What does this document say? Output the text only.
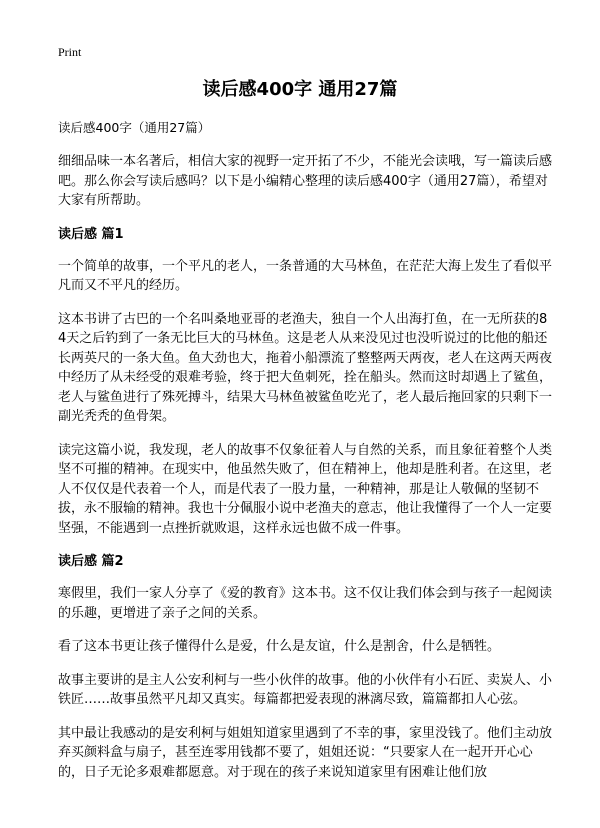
Print
读后感400字 通用27篇

读后感400字（通用27篇）

细细品味一本名著后，相信大家的视野一定开拓了不少，不能光会读哦，写一篇读后感吧。那么你会写读后感吗？以下是小编精心整理的读后感400字（通用27篇），希望对大家有所帮助。

读后感 篇1

一个简单的故事，一个平凡的老人，一条普通的大马林鱼，在茫茫大海上发生了看似平凡而又不平凡的经历。

这本书讲了古巴的一个名叫桑地亚哥的老渔夫，独自一个人出海打鱼，在一无所获的84天之后钓到了一条无比巨大的马林鱼。这是老人从来没见过也没听说过的比他的船还长两英尺的一条大鱼。鱼大劲也大，拖着小船漂流了整整两天两夜，老人在这两天两夜中经历了从未经受的艰难考验，终于把大鱼刺死，拴在船头。然而这时却遇上了鲨鱼，老人与鲨鱼进行了殊死搏斗，结果大马林鱼被鲨鱼吃光了，老人最后拖回家的只剩下一副光秃秃的鱼骨架。

读完这篇小说，我发现，老人的故事不仅象征着人与自然的关系，而且象征着整个人类坚不可摧的精神。在现实中，他虽然失败了，但在精神上，他却是胜利者。在这里，老人不仅仅是代表着一个人，而是代表了一股力量，一种精神，那是让人敬佩的坚韧不拔，永不服输的精神。我也十分佩服小说中老渔夫的意志，他让我懂得了一个人一定要坚强，不能遇到一点挫折就败退，这样永远也做不成一件事。

读后感 篇2

寒假里，我们一家人分享了《爱的教育》这本书。这不仅让我们体会到与孩子一起阅读的乐趣，更增进了亲子之间的关系。

看了这本书更让孩子懂得什么是爱，什么是友谊，什么是割舍，什么是牺牲。

故事主要讲的是主人公安利柯与一些小伙伴的故事。他的小伙伴有小石匠、卖炭人、小铁匠……故事虽然平凡却又真实。每篇都把爱表现的淋漓尽致，篇篇都扣人心弦。

其中最让我感动的是安利柯与姐姐知道家里遇到了不幸的事，家里没钱了。他们主动放弃买颜料盒与扇子，甚至连零用钱都不要了，姐姐还说：“只要家人在一起开开心心的，日子无论多艰难都愿意。对于现在的孩子来说知道家里有困难让他们放
